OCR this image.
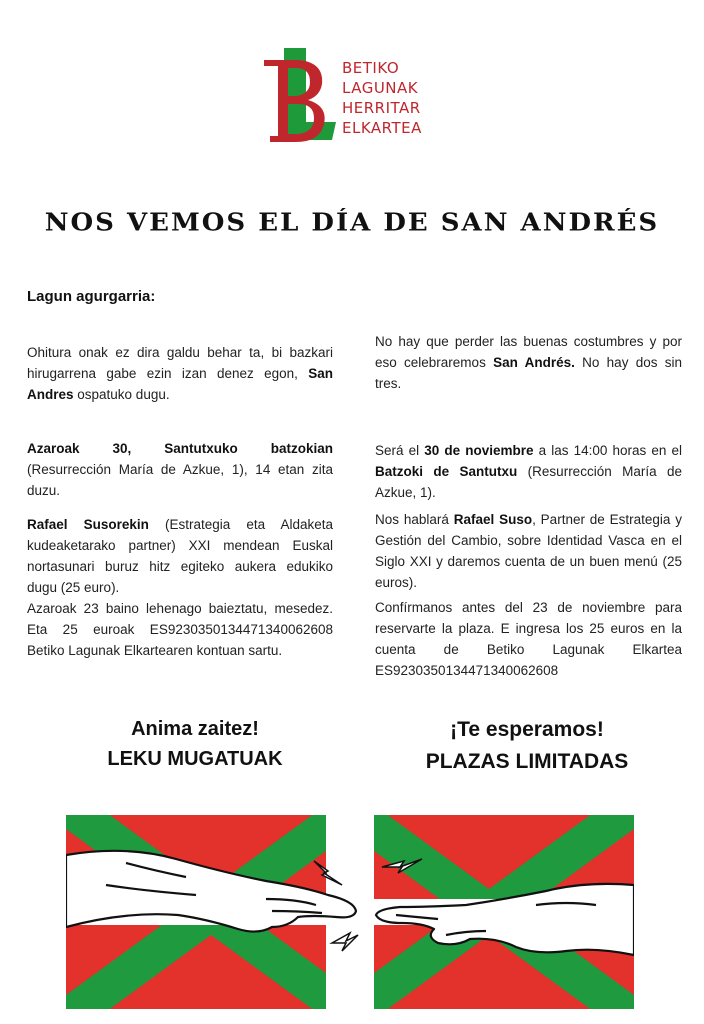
BETIKO
LAGUNAK
HERRITAR
ELKARTEA
NOS VEMOS EL DÍA DE SAN ANDRÉS
Lagun agurgarria:
Ohitura onak ez dira galdu behar ta, bi bazkari hirugarrena gabe ezin izan denez egon, San Andres ospatuko dugu.
Azaroak 30, Santutxuko batzokian (Resurrección María de Azkue, 1), 14 etan zita duzu.
Rafael Susorekin (Estrategia eta Aldaketa kudeaketarako partner) XXI mendean Euskal nortasunari buruz hitz egiteko aukera edukiko dugu (25 euro).
Azaroak 23 baino lehenago baieztatu, mesedez. Eta 25 euroak ES9230350134471340062608 Betiko Lagunak Elkartearen kontuan sartu.
No hay que perder las buenas costumbres y por eso celebraremos San Andrés. No hay dos sin tres.
Será el 30 de noviembre a las 14:00 horas en el Batzoki de Santutxu (Resurrección María de Azkue, 1).
Nos hablará Rafael Suso, Partner de Estrategia y Gestión del Cambio, sobre Identidad Vasca en el Siglo XXI y daremos cuenta de un buen menú (25 euros).
Confírmanos antes del 23 de noviembre para reservarte la plaza. E ingresa los 25 euros en la cuenta de Betiko Lagunak Elkartea ES9230350134471340062608
Anima zaitez!
LEKU MUGATUAK
¡Te esperamos!
PLAZAS LIMITADAS
